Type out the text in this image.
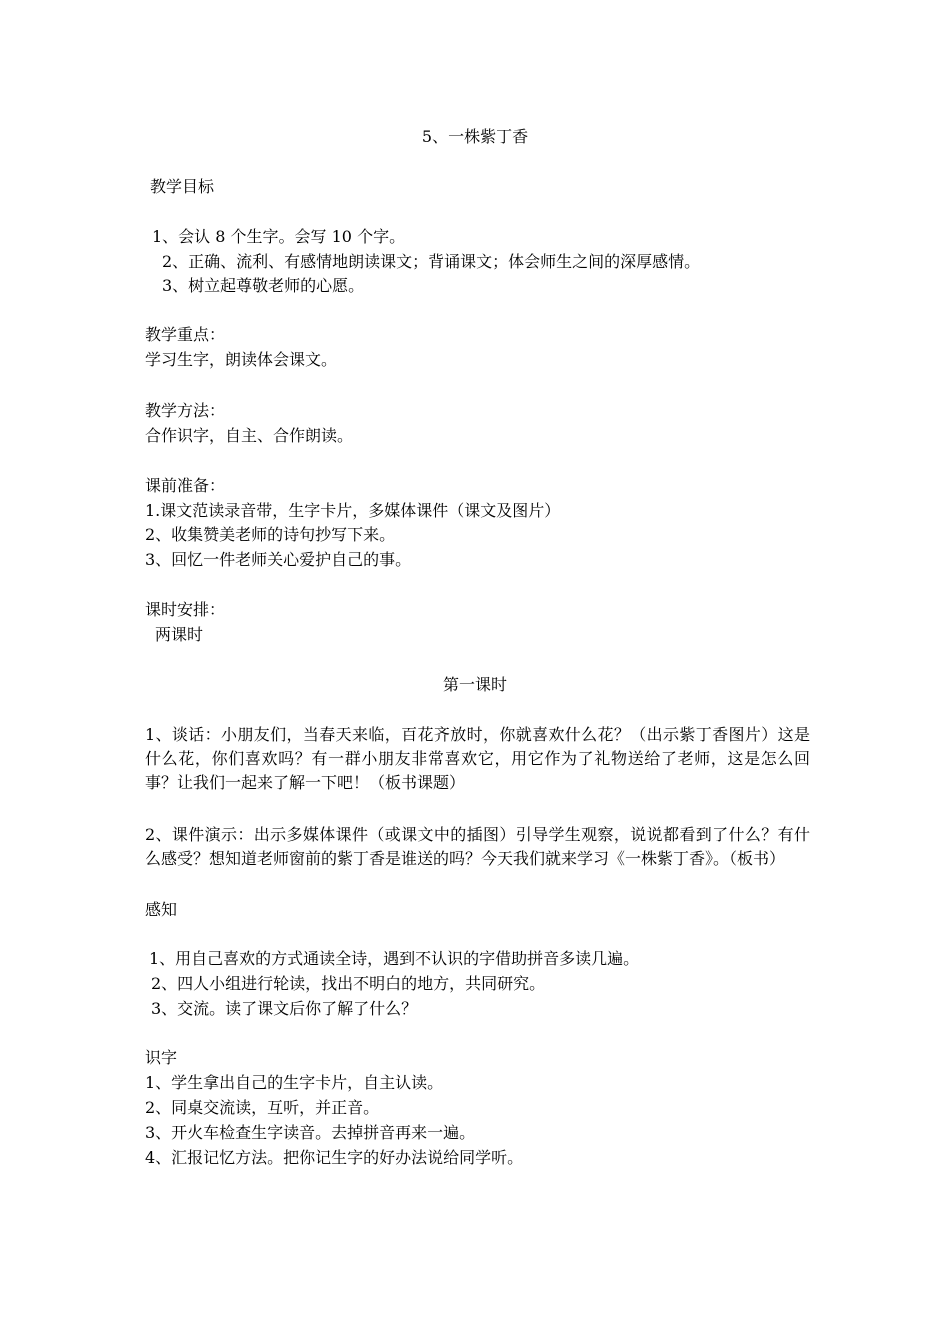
5、一株紫丁香
教学目标
1、会认 8 个生字。会写 10 个字。
2、正确、流利、有感情地朗读课文；背诵课文；体会师生之间的深厚感情。
3、树立起尊敬老师的心愿。
教学重点：
学习生字，朗读体会课文。
教学方法：
合作识字，自主、合作朗读。
课前准备：
1.课文范读录音带，生字卡片，多媒体课件（课文及图片）
2、收集赞美老师的诗句抄写下来。
3、回忆一件老师关心爱护自己的事。
课时安排：
两课时
第一课时
1、谈话：小朋友们，当春天来临，百花齐放时，你就喜欢什么花？（出示紫丁香图片）这是什么花，你们喜欢吗？有一群小朋友非常喜欢它，用它作为了礼物送给了老师，这是怎么回事？让我们一起来了解一下吧！（板书课题）
2、课件演示：出示多媒体课件（或课文中的插图）引导学生观察，说说都看到了什么？有什么感受？想知道老师窗前的紫丁香是谁送的吗？今天我们就来学习《一株紫丁香》。（板书）
感知
1、用自己喜欢的方式通读全诗，遇到不认识的字借助拼音多读几遍。
2、四人小组进行轮读，找出不明白的地方，共同研究。
3、交流。读了课文后你了解了什么？
识字
1、学生拿出自己的生字卡片，自主认读。
2、同桌交流读，互听，并正音。
3、开火车检查生字读音。去掉拼音再来一遍。
4、汇报记忆方法。把你记生字的好办法说给同学听。
